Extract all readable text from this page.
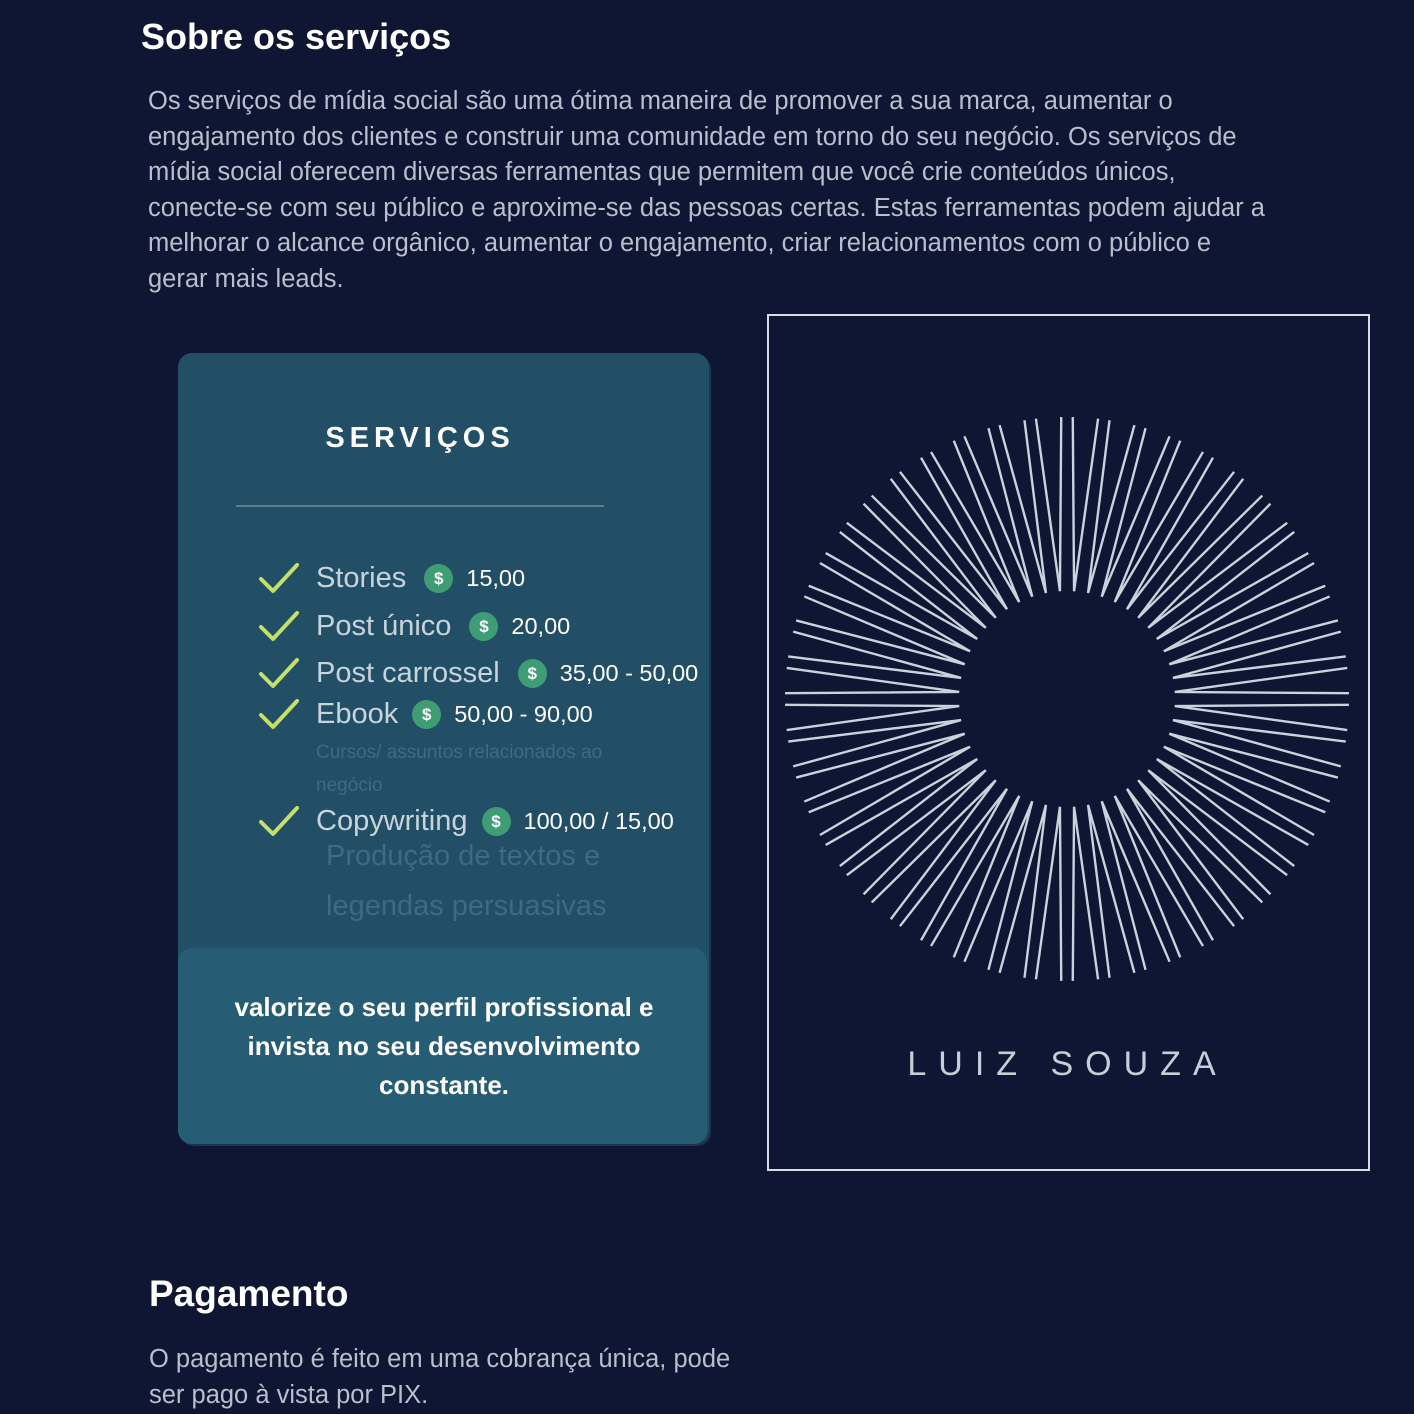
Sobre os serviços

Os serviços de mídia social são uma ótima maneira de promover a sua marca, aumentar o engajamento dos clientes e construir uma comunidade em torno do seu negócio. Os serviços de mídia social oferecem diversas ferramentas que permitem que você crie conteúdos únicos, conecte-se com seu público e aproxime-se das pessoas certas. Estas ferramentas podem ajudar a melhorar o alcance orgânico, aumentar o engajamento, criar relacionamentos com o público e gerar mais leads.

SERVIÇOS
Stories	$ 15,00
Post único	$ 20,00
Post carrossel	$ 35,00 - 50,00
Ebook	$ 50,00 - 90,00
Cursos/ assuntos relacionados ao negócio
Copywriting	$ 100,00 / 15,00
Produção de textos e legendas persuasivas
valorize o seu perfil profissional e invista no seu desenvolvimento constante.
LUIZ SOUZA
Pagamento

O pagamento é feito em uma cobrança única, pode ser pago à vista por PIX.
